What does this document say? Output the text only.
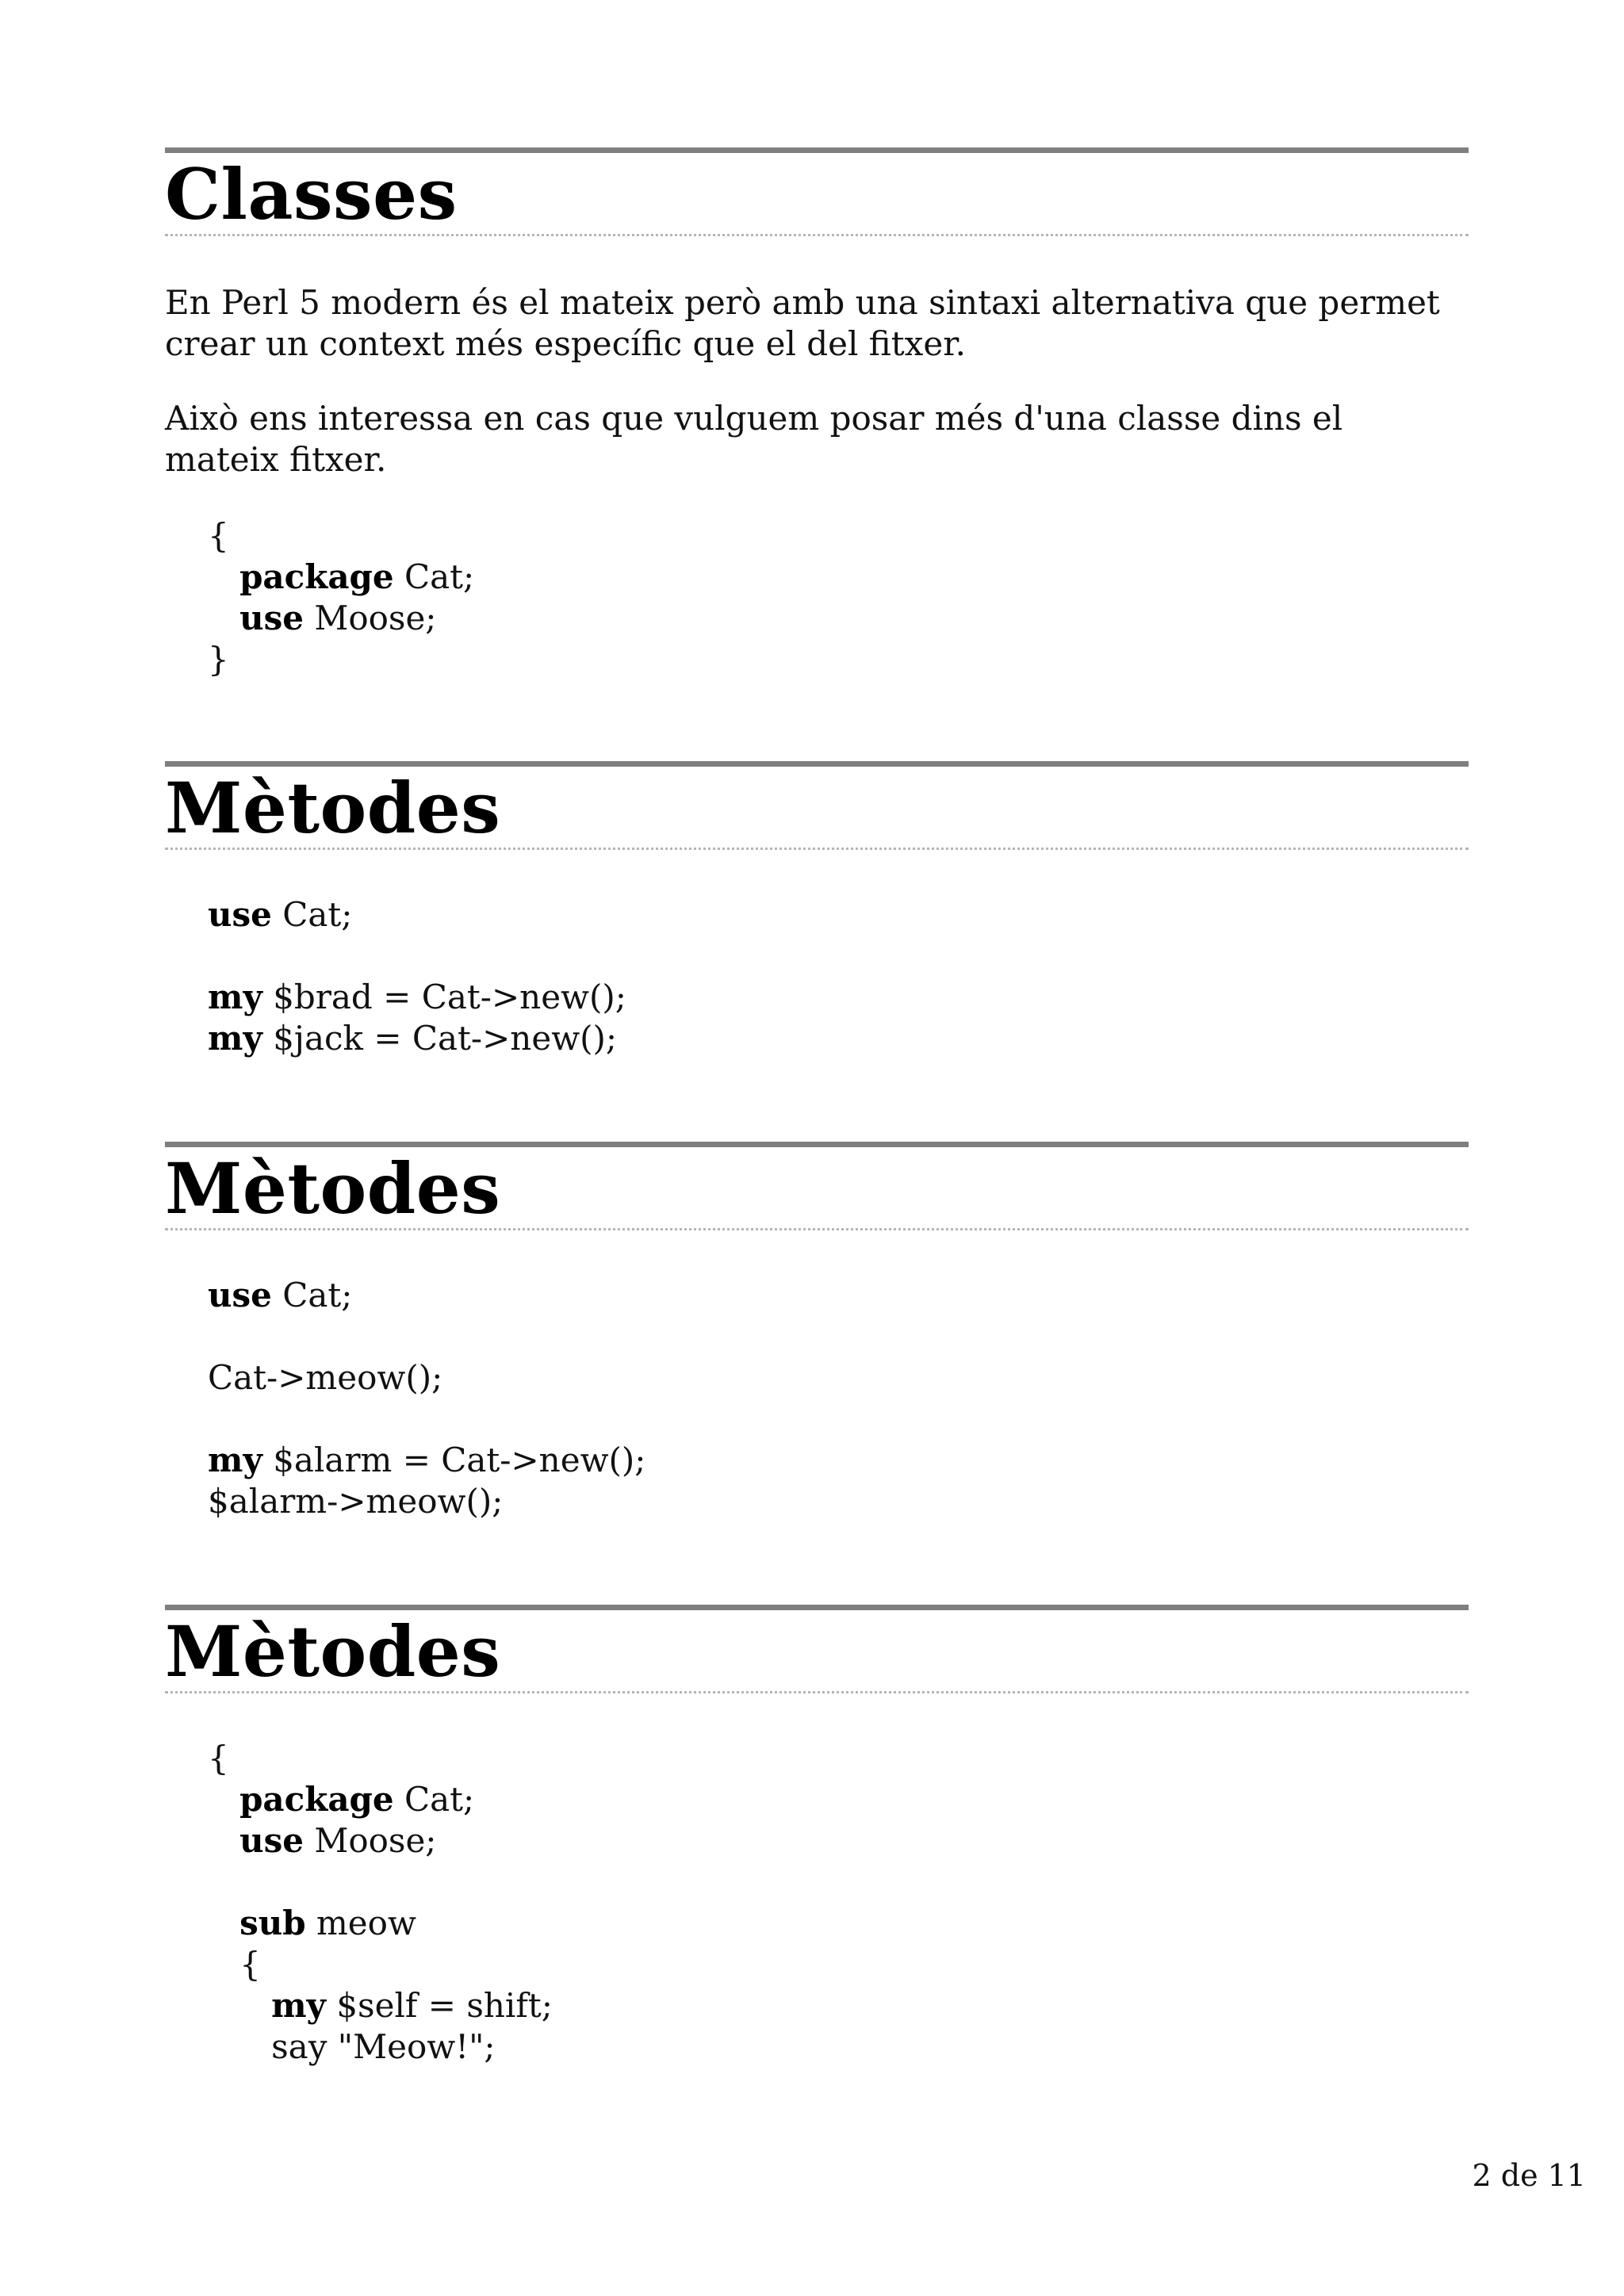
Classes

En Perl 5 modern és el mateix però amb una sintaxi alternativa que permet crear un context més específic que el del fitxer.

Això ens interessa en cas que vulguem posar més d'una classe dins el mateix fitxer.

{
package Cat;
use Moose;
}
Mètodes
use Cat;
my $brad = Cat->new();
my $jack = Cat->new();
Mètodes
use Cat;
Cat->meow();
my $alarm = Cat->new();
$alarm->meow();
Mètodes
{
package Cat;
use Moose;
sub meow
{
my $self = shift;
say "Meow!";
2 de 11
